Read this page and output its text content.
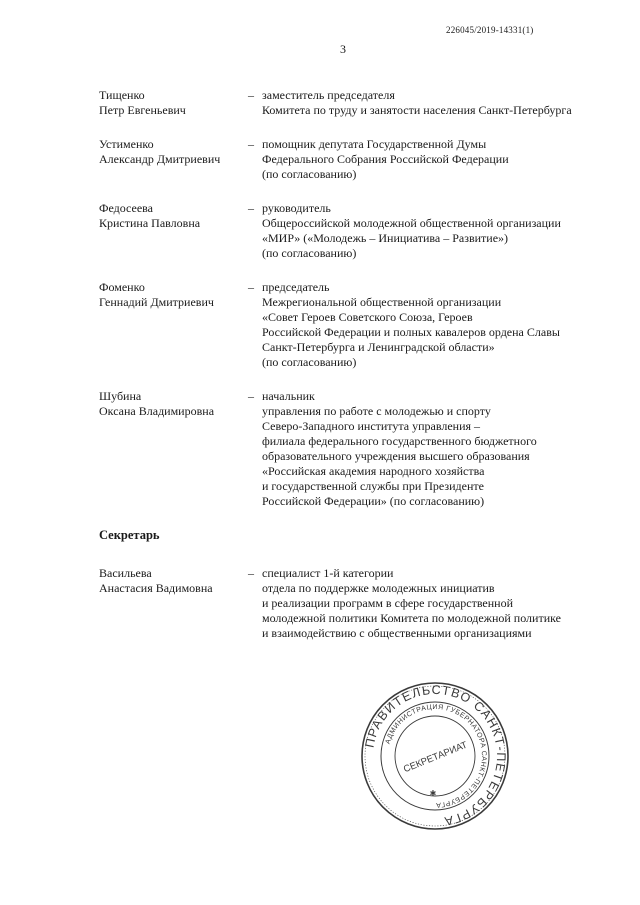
226045/2019-14331(1)
3
Тищенко
Петр Евгеньевич
– заместитель председателя
Комитета по труду и занятости населения Санкт-Петербурга
Устименко
Александр Дмитриевич
– помощник депутата Государственной Думы
Федерального Собрания Российской Федерации
(по согласованию)
Федосеева
Кристина Павловна
– руководитель
Общероссийской молодежной общественной организации
«МИР» («Молодежь – Инициатива – Развитие»)
(по согласованию)
Фоменко
Геннадий Дмитриевич
– председатель
Межрегиональной общественной организации
«Совет Героев Советского Союза, Героев
Российской Федерации и полных кавалеров ордена Славы
Санкт-Петербурга и Ленинградской области»
(по согласованию)
Шубина
Оксана Владимировна
– начальник
управления по работе с молодежью и спорту
Северо-Западного института управления –
филиала федерального государственного бюджетного
образовательного учреждения высшего образования
«Российская академия народного хозяйства
и государственной службы при Президенте
Российской Федерации» (по согласованию)
Секретарь
Васильева
Анастасия Вадимовна
– специалист 1-й категории
отдела по поддержке молодежных инициатив
и реализации программ в сфере государственной
молодежной политики Комитета по молодежной политике
и взаимодействию с общественными организациями
ПРАВИТЕЛЬСТВО САНКТ-ПЕТЕРБУРГА
АДМИНИСТРАЦИЯ ГУБЕРНАТОРА САНКТ-ПЕТЕРБУРГА
СЕКРЕТАРИАТ
✱
